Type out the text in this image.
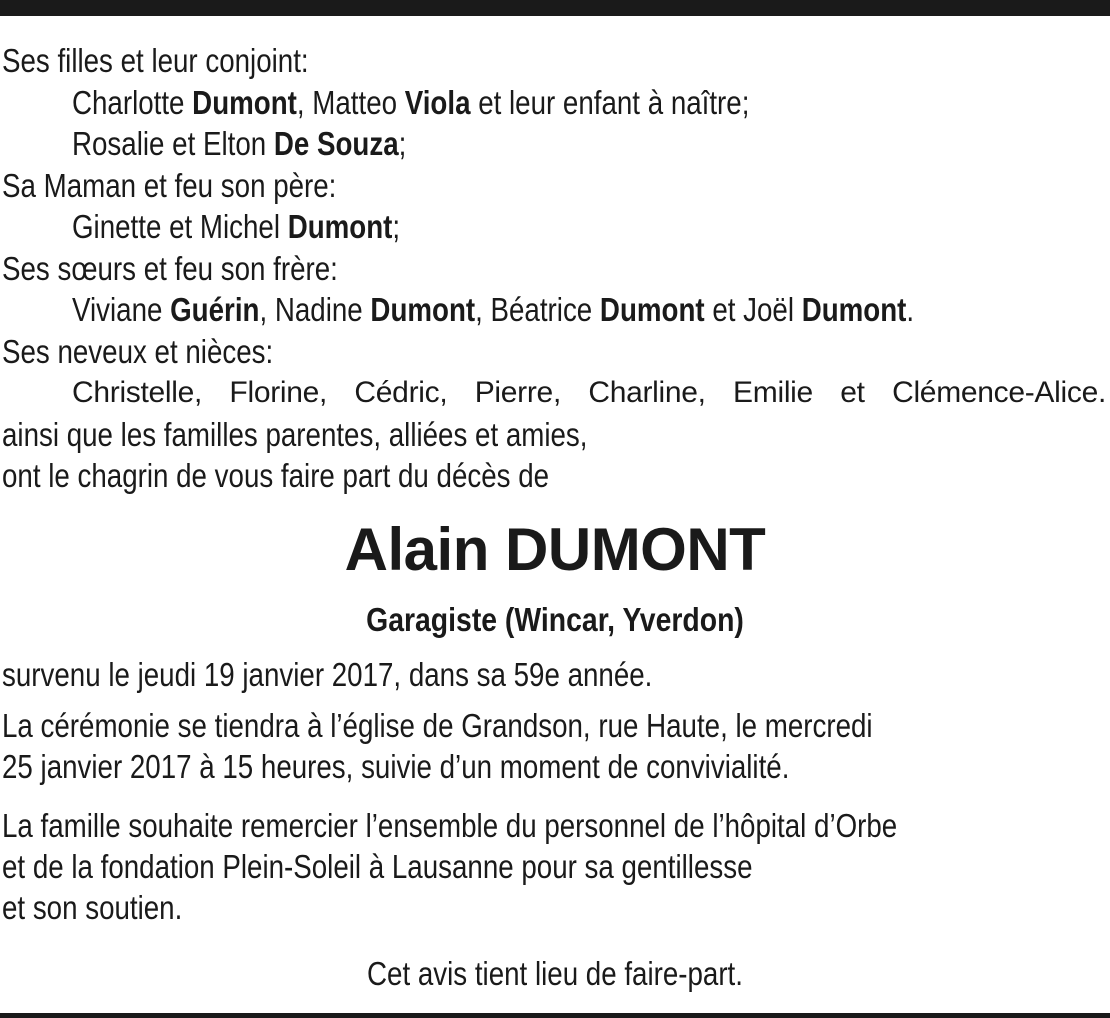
Ses filles et leur conjoint:
Charlotte Dumont, Matteo Viola et leur enfant à naître;
Rosalie et Elton De Souza;
Sa Maman et feu son père:
Ginette et Michel Dumont;
Ses sœurs et feu son frère:
Viviane Guérin, Nadine Dumont, Béatrice Dumont et Joël Dumont.
Ses neveux et nièces:
Christelle, Florine, Cédric, Pierre, Charline, Emilie et Clémence-Alice.
ainsi que les familles parentes, alliées et amies,
ont le chagrin de vous faire part du décès de
Alain DUMONT
Garagiste (Wincar, Yverdon)
survenu le jeudi 19 janvier 2017, dans sa 59e année.
La cérémonie se tiendra à l’église de Grandson, rue Haute, le mercredi
25 janvier 2017 à 15 heures, suivie d’un moment de convivialité.
La famille souhaite remercier l’ensemble du personnel de l’hôpital d’Orbe
et de la fondation Plein-Soleil à Lausanne pour sa gentillesse
et son soutien.
Cet avis tient lieu de faire-part.
